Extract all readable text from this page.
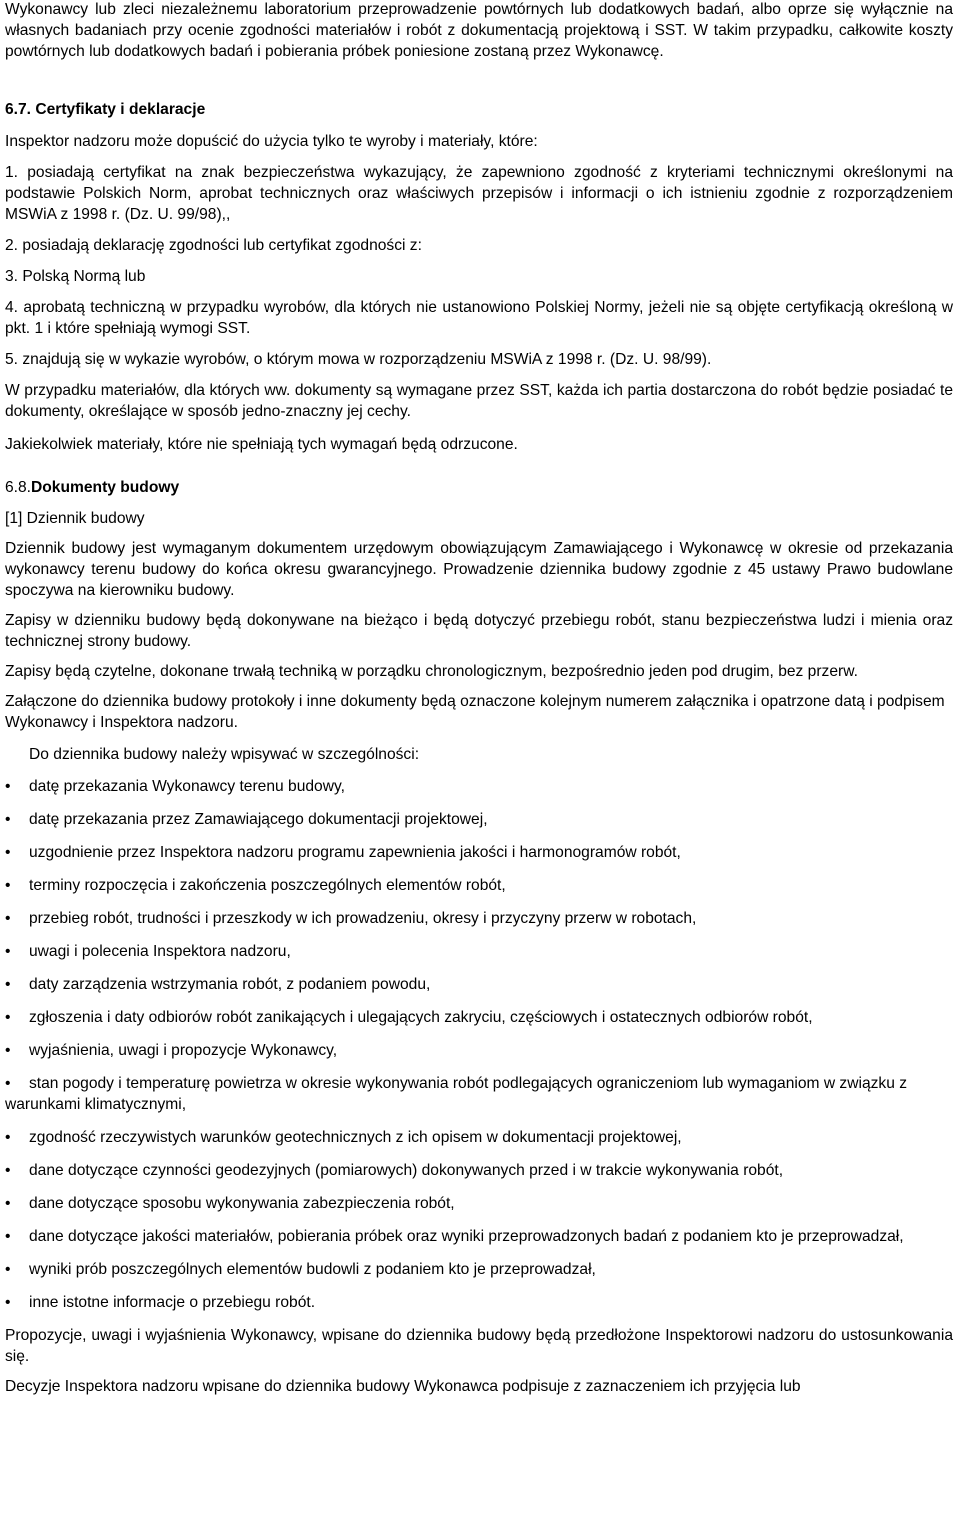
Wykonawcy lub zleci niezależnemu laboratorium przeprowadzenie powtórnych lub dodatkowych badań, albo oprze się wyłącznie na własnych badaniach przy ocenie zgodności materiałów i robót z dokumentacją projektową i SST. W takim przypadku, całkowite koszty powtórnych lub dodatkowych badań i pobierania próbek poniesione zostaną przez Wykonawcę.

6.7. Certyfikaty i deklaracje

Inspektor nadzoru może dopuścić do użycia tylko te wyroby i materiały, które:

1. posiadają certyfikat na znak bezpieczeństwa wykazujący, że zapewniono zgodność z kryteriami technicznymi określonymi na podstawie Polskich Norm, aprobat technicznych oraz właściwych przepisów i informacji o ich istnieniu zgodnie z rozporządzeniem MSWiA z 1998 r. (Dz. U. 99/98),,

2. posiadają deklarację zgodności lub certyfikat zgodności z:

3. Polską Normą lub

4. aprobatą techniczną w przypadku wyrobów, dla których nie ustanowiono Polskiej Normy, jeżeli nie są objęte certyfikacją określoną w pkt. 1 i które spełniają wymogi SST.

5. znajdują się w wykazie wyrobów, o którym mowa w rozporządzeniu MSWiA z 1998 r. (Dz. U. 98/99).

W przypadku materiałów, dla których ww. dokumenty są wymagane przez SST, każda ich partia dostarczona do robót będzie posiadać te dokumenty, określające w sposób jedno-znaczny jej cechy.

Jakiekolwiek materiały, które nie spełniają tych wymagań będą odrzucone.

6.8.Dokumenty budowy

[1] Dziennik budowy

Dziennik budowy jest wymaganym dokumentem urzędowym obowiązującym Zamawiającego i Wykonawcę w okresie od przekazania wykonawcy terenu budowy do końca okresu gwarancyjnego. Prowadzenie dziennika budowy zgodnie z 45 ustawy Prawo budowlane spoczywa na kierowniku budowy.

Zapisy w dzienniku budowy będą dokonywane na bieżąco i będą dotyczyć przebiegu robót, stanu bezpieczeństwa ludzi i mienia oraz technicznej strony budowy.

Zapisy będą czytelne, dokonane trwałą techniką w porządku chronologicznym, bezpośrednio jeden pod drugim, bez przerw.

Załączone do dziennika budowy protokoły i inne dokumenty będą oznaczone kolejnym numerem załącznika i opatrzone datą i podpisem Wykonawcy i Inspektora nadzoru.

Do dziennika budowy należy wpisywać w szczególności:

• datę przekazania Wykonawcy terenu budowy,
• datę przekazania przez Zamawiającego dokumentacji projektowej,
• uzgodnienie przez Inspektora nadzoru programu zapewnienia jakości i harmonogramów robót,
• terminy rozpoczęcia i zakończenia poszczególnych elementów robót,
• przebieg robót, trudności i przeszkody w ich prowadzeniu, okresy i przyczyny przerw w robotach,
• uwagi i polecenia Inspektora nadzoru,
• daty zarządzenia wstrzymania robót, z podaniem powodu,
• zgłoszenia i daty odbiorów robót zanikających i ulegających zakryciu, częściowych i ostatecznych odbiorów robót,
• wyjaśnienia, uwagi i propozycje Wykonawcy,
• stan pogody i temperaturę powietrza w okresie wykonywania robót podlegających ograniczeniom lub wymaganiom w związku z warunkami klimatycznymi,
• zgodność rzeczywistych warunków geotechnicznych z ich opisem w dokumentacji projektowej,
• dane dotyczące czynności geodezyjnych (pomiarowych) dokonywanych przed i w trakcie wykonywania robót,
• dane dotyczące sposobu wykonywania zabezpieczenia robót,
• dane dotyczące jakości materiałów, pobierania próbek oraz wyniki przeprowadzonych badań z podaniem kto je przeprowadzał,
• wyniki prób poszczególnych elementów budowli z podaniem kto je przeprowadzał,
• inne istotne informacje o przebiegu robót.

Propozycje, uwagi i wyjaśnienia Wykonawcy, wpisane do dziennika budowy będą przedłożone Inspektorowi nadzoru do ustosunkowania się.

Decyzje Inspektora nadzoru wpisane do dziennika budowy Wykonawca podpisuje z zaznaczeniem ich przyjęcia lub
